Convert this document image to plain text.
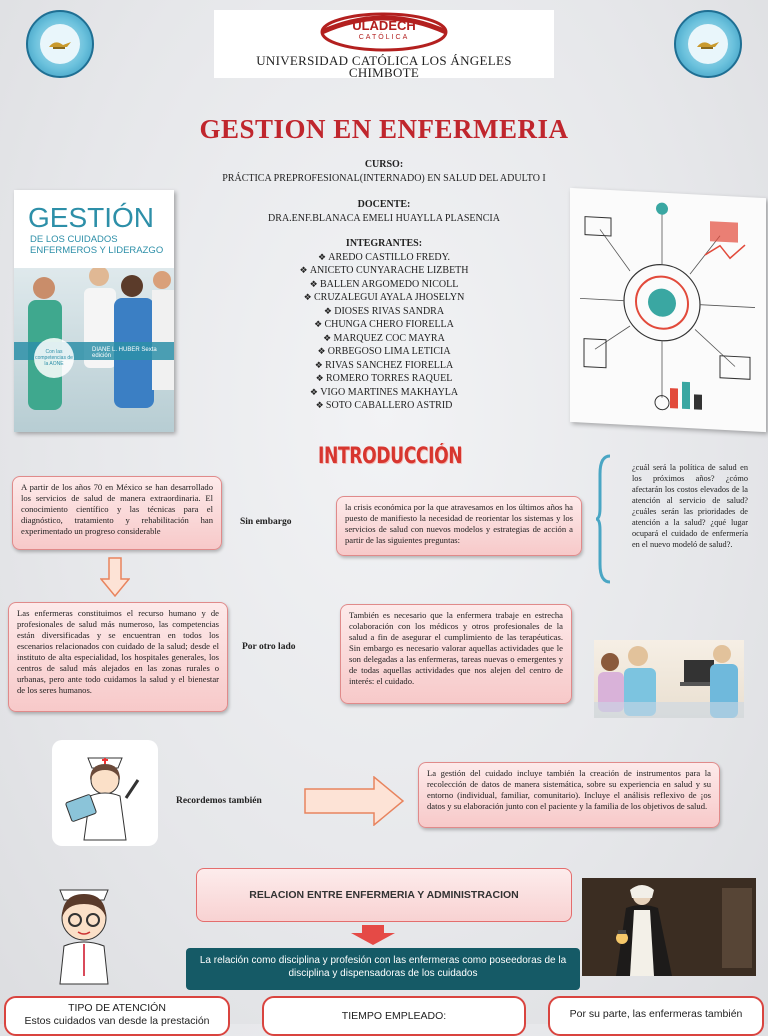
ULADECH
CATÓLICA
UNIVERSIDAD CATÓLICA LOS ÁNGELES
CHIMBOTE
GESTION EN ENFERMERIA
CURSO:
PRÁCTICA PREPROFESIONAL(INTERNADO) EN SALUD DEL ADULTO I
DOCENTE:
DRA.ENF.BLANACA EMELI HUAYLLA PLASENCIA
INTEGRANTES:
❖ AREDO CASTILLO FREDY.
❖ ANICETO CUNYARACHE LIZBETH
❖ BALLEN ARGOMEDO NICOLL
❖ CRUZALEGUI AYALA JHOSELYN
❖ DIOSES RIVAS SANDRA
❖ CHUNGA CHERO FIORELLA
❖ MARQUEZ COC MAYRA
❖ ORBEGOSO LIMA LETICIA
❖ RIVAS SANCHEZ FIORELLA
❖ ROMERO TORRES RAQUEL
❖ VIGO MARTINES MAKHAYLA
❖ SOTO CABALLERO ASTRID
GESTIÓN
DE LOS CUIDADOS ENFERMEROS Y LIDERAZGO
DIANE L. HUBER Sexta edición
Con las competencias de la AONE
INTRODUCCIÓN
A partir de los años 70 en México se han desarrollado los servicios de salud de manera extraordinaria. El conocimiento científico y las técnicas para el diagnóstico, tratamiento y rehabilitación han experimentado un progreso considerable
Sin embargo
la crisis económica por la que atravesamos en los últimos años ha puesto de manifiesto la necesidad de reorientar los sistemas y los servicios de salud con nuevos modelos y estrategias de acción a partir de las siguientes preguntas:
¿cuál será la política de salud en los próximos años? ¿cómo afectarán los costos elevados de la atención al servicio de salud? ¿cuáles serán las prioridades de atención a la salud? ¿qué lugar ocupará el cuidado de enfermería en el nuevo modeló de salud?.
Las enfermeras constituimos el recurso humano y de profesionales de salud más numeroso, las competencias están diversificadas y se encuentran en todos los escenarios relacionados con cuidado de la salud; desde el instituto de alta especialidad, los hospitales generales, los centros de salud más alejados en las zonas rurales o urbanas, pero ante todo cuidamos la salud y el bienestar de los seres humanos.
Por otro lado
También es necesario que la enfermera trabaje en estrecha colaboración con los médicos y otros profesionales de la salud a fin de asegurar el cumplimiento de las terapéuticas. Sin embargo es necesario valorar aquellas actividades que le son delegadas a las enfermeras, tareas nuevas o emergentes y de todas aquellas actividades que nos alejen del centro de interés: el cuidado.
Recordemos también
La gestión del cuidado incluye también la creación de instrumentos para la recolección de datos de manera sistemática, sobre su experiencia en salud y su entorno (individual, familiar, comunitario). Incluye el análisis reflexivo de ¡os datos y su elaboración junto con el paciente y la familia de los objetivos de salud.
RELACION ENTRE ENFERMERIA Y ADMINISTRACION
La relación como disciplina y profesión con las enfermeras como poseedoras de la disciplina y dispensadoras de los cuidados
TIPO DE ATENCIÓN
Estos cuidados van desde la prestación	TIEMPO EMPLEADO:	Por su parte, las enfermeras también
